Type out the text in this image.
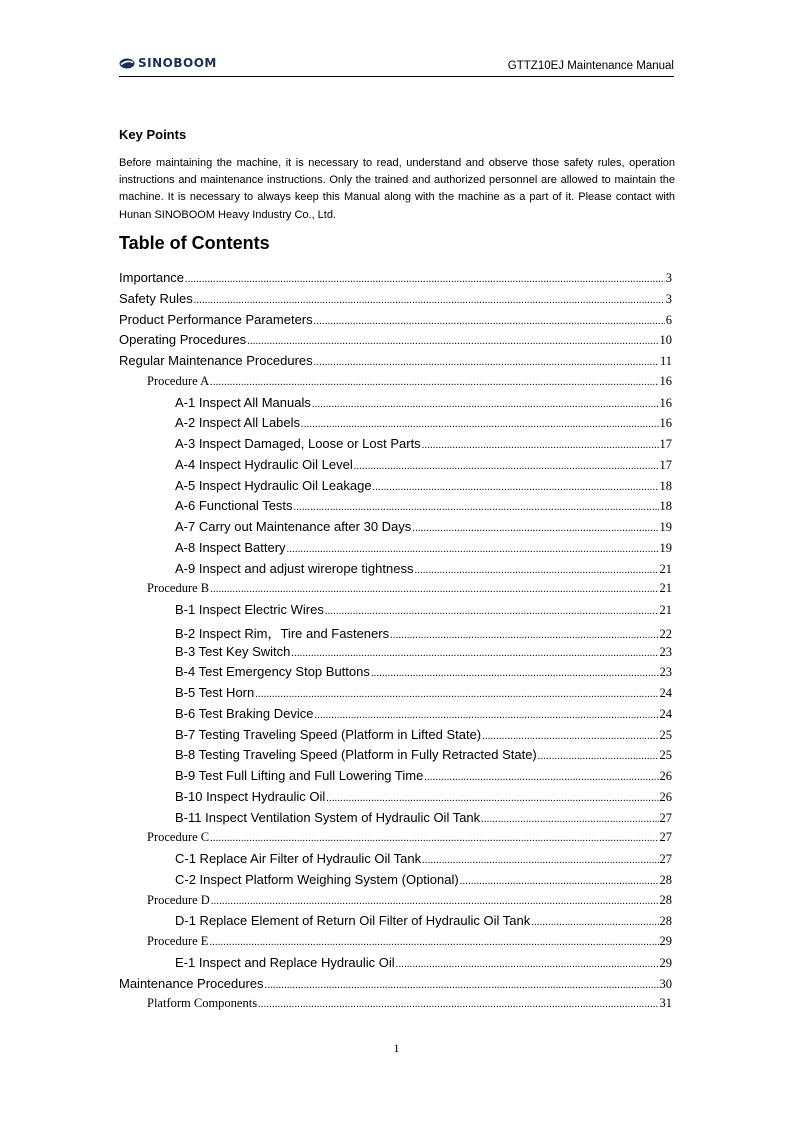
SINOBOOM	GTTZ10EJ Maintenance Manual
Key Points

Before maintaining the machine, it is necessary to read, understand and observe those safety rules, operation instructions and maintenance instructions. Only the trained and authorized personnel are allowed to maintain the machine. It is necessary to always keep this Manual along with the machine as a part of it. Please contact with Hunan SINOBOOM Heavy Industry Co., Ltd.

Table of Contents
Importance .....	3
Safety Rules .....	3
Product Performance Parameters .....	6
Operating Procedures .....	10
Regular Maintenance Procedures .....	11
Procedure A .....	16
A-1 Inspect All Manuals .....	16
A-2 Inspect All Labels .....	16
A-3 Inspect Damaged, Loose or Lost Parts .....	17
A-4 Inspect Hydraulic Oil Level .....	17
A-5 Inspect Hydraulic Oil Leakage .....	18
A-6 Functional Tests .....	18
A-7 Carry out Maintenance after 30 Days .....	19
A-8 Inspect Battery .....	19
A-9 Inspect and adjust wirerope tightness .....	21
Procedure B .....	21
B-1 Inspect Electric Wires .....	21
B-2 Inspect Rim，Tire and Fasteners .....	22
B-3 Test Key Switch .....	23
B-4 Test Emergency Stop Buttons .....	23
B-5 Test Horn .....	24
B-6 Test Braking Device .....	24
B-7 Testing Traveling Speed (Platform in Lifted State) .....	25
B-8 Testing Traveling Speed (Platform in Fully Retracted State) .....	25
B-9 Test Full Lifting and Full Lowering Time .....	26
B-10 Inspect Hydraulic Oil .....	26
B-11 Inspect Ventilation System of Hydraulic Oil Tank .....	27
Procedure C .....	27
C-1 Replace Air Filter of Hydraulic Oil Tank .....	27
C-2 Inspect Platform Weighing System (Optional) .....	28
Procedure D .....	28
D-1 Replace Element of Return Oil Filter of Hydraulic Oil Tank .....	28
Procedure E .....	29
E-1 Inspect and Replace Hydraulic Oil .....	29
Maintenance Procedures .....	30
Platform Components .....	31
1
